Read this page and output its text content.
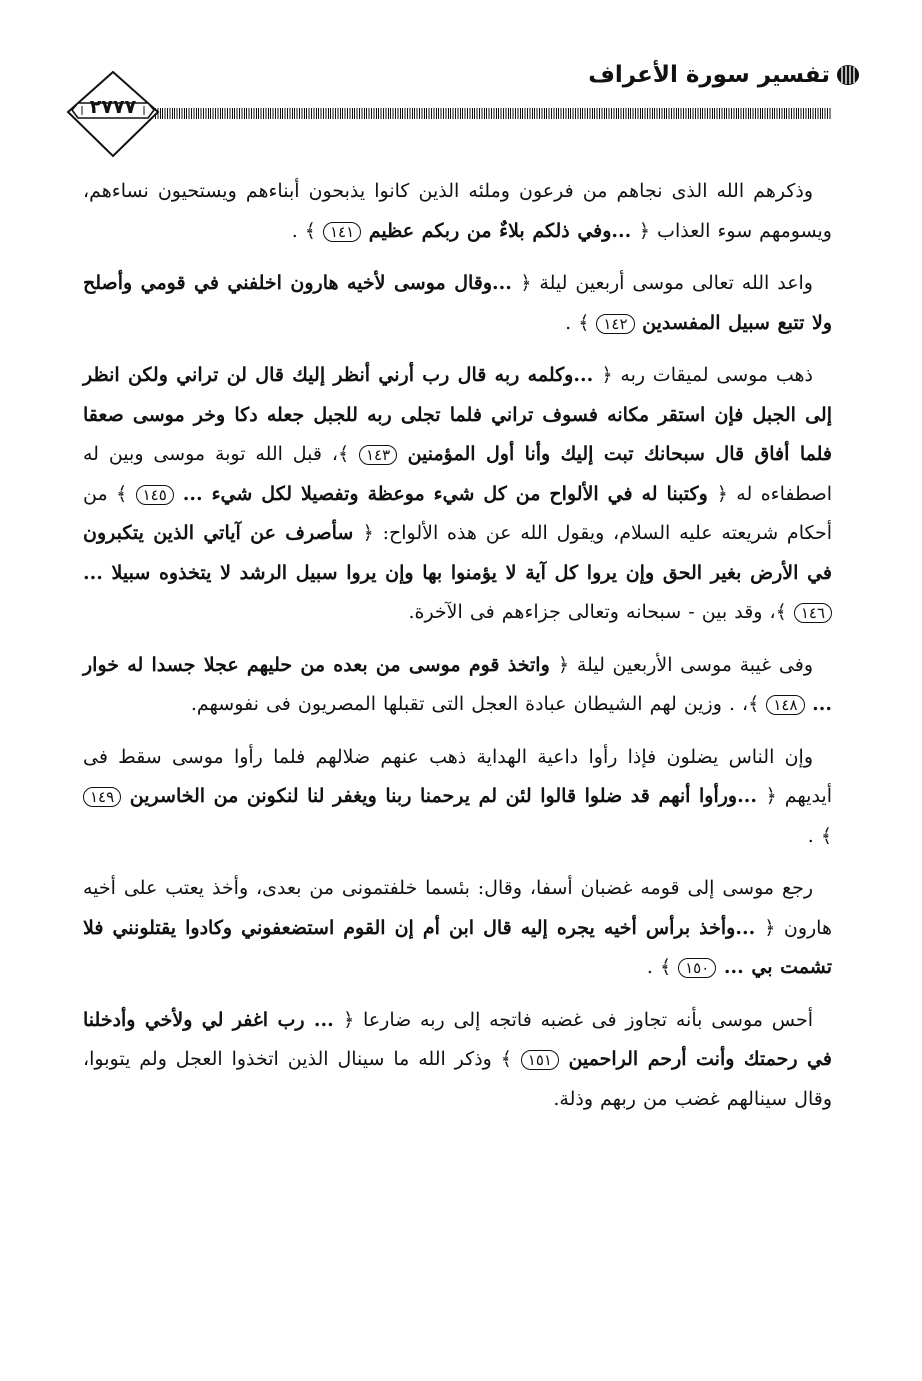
تفسير سورة الأعراف
٢٧٧٧

 وذكرهم الله الذى نجاهم من فرعون وملئه الذين كانوا يذبحون أبناءهم ويستحيون نساءهم، ويسومهم سوء العذاب ﴿ ...وفي ذلكم بلاءٌ من ربكم عظيم ١٤١ ﴾ .

 واعد الله تعالى موسى أربعين ليلة ﴿ ...وقال موسى لأخيه هارون اخلفني في قومي وأصلح ولا تتبع سبيل المفسدين ١٤٢ ﴾ .

 ذهب موسى لميقات ربه ﴿ ...وكلمه ربه قال رب أرني أنظر إليك قال لن تراني ولكن انظر إلى الجبل فإن استقر مكانه فسوف تراني فلما تجلى ربه للجبل جعله دكا وخر موسى صعقا فلما أفاق قال سبحانك تبت إليك وأنا أول المؤمنين ١٤٣ ﴾، قبل الله توبة موسى وبين له اصطفاءه له ﴿ وكتبنا له في الألواح من كل شيء موعظة وتفصيلا لكل شيء ... ١٤٥ ﴾ من أحكام شريعته عليه السلام، ويقول الله عن هذه الألواح: ﴿ سأصرف عن آياتي الذين يتكبرون في الأرض بغير الحق وإن يروا كل آية لا يؤمنوا بها وإن يروا سبيل الرشد لا يتخذوه سبيلا ... ١٤٦ ﴾، وقد بين - سبحانه وتعالى جزاءهم فى الآخرة.

 وفى غيبة موسى الأربعين ليلة ﴿ واتخذ قوم موسى من بعده من حليهم عجلا جسدا له خوار ... ١٤٨ ﴾، . وزين لهم الشيطان عبادة العجل التى تقبلها المصريون فى نفوسهم.

 وإن الناس يضلون فإذا رأوا داعية الهداية ذهب عنهم ضلالهم فلما رأوا موسى سقط فى أيديهم ﴿ ...ورأوا أنهم قد ضلوا قالوا لئن لم يرحمنا ربنا ويغفر لنا لنكونن من الخاسرين ١٤٩ ﴾ .

 رجع موسى إلى قومه غضبان أسفا، وقال: بئسما خلفتمونى من بعدى، وأخذ يعتب على أخيه هارون ﴿ ...وأخذ برأس أخيه يجره إليه قال ابن أم إن القوم استضعفوني وكادوا يقتلونني فلا تشمت بي ... ١٥٠ ﴾ .

 أحس موسى بأنه تجاوز فى غضبه فاتجه إلى ربه ضارعا ﴿ ... رب اغفر لي ولأخي وأدخلنا في رحمتك وأنت أرحم الراحمين ١٥١ ﴾ وذكر الله ما سينال الذين اتخذوا العجل ولم يتوبوا، وقال سينالهم غضب من ربهم وذلة.
